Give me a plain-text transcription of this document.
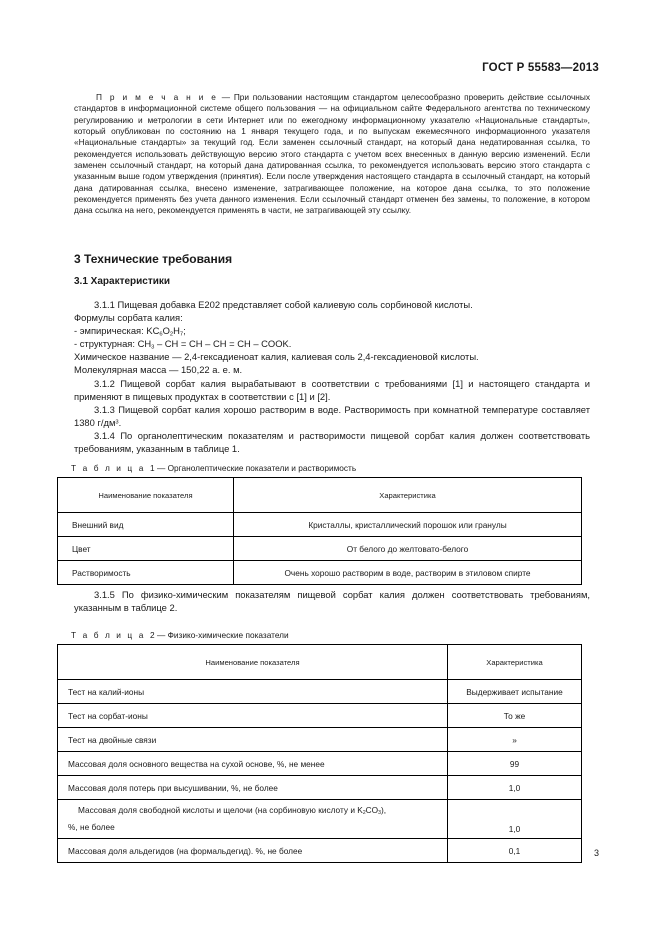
ГОСТ Р 55583—2013

П р и м е ч а н и е — При пользовании настоящим стандартом целесообразно проверить действие ссылочных стандартов в информационной системе общего пользования — на официальном сайте Федерального агентства по техническому регулированию и метрологии в сети Интернет или по ежегодному информационному указателю «Национальные стандарты», который опубликован по состоянию на 1 января текущего года, и по выпускам ежемесячного информационного указателя «Национальные стандарты» за текущий год. Если заменен ссылочный стандарт, на который дана недатированная ссылка, то рекомендуется использовать действующую версию этого стандарта с учетом всех внесенных в данную версию изменений. Если заменен ссылочный стандарт, на который дана датированная ссылка, то рекомендуется использовать версию этого стандарта с указанным выше годом утверждения (принятия). Если после утверждения настоящего стандарта в ссылочный стандарт, на который дана датированная ссылка, внесено изменение, затрагивающее положение, на которое дана ссылка, то это положение рекомендуется применять без учета данного изменения. Если ссылочный стандарт отменен без замены, то положение, в котором дана ссылка на него, рекомендуется применять в части, не затрагивающей эту ссылку.

3 Технические требования
3.1 Характеристики

3.1.1 Пищевая добавка E202 представляет собой калиевую соль сорбиновой кислоты.

Формулы сорбата калия:

- эмпирическая: $KC_6O_2H_7$;

- структурная: $CH_3$ – CH = CH – CH = CH – COOK.

Химическое название — 2,4-гексадиеноат калия, калиевая соль 2,4-гексадиеновой кислоты.

Молекулярная масса — 150,22 а. е. м.

3.1.2 Пищевой сорбат калия вырабатывают в соответствии с требованиями [1] и настоящего стандарта и применяют в пищевых продуктах в соответствии с [1] и [2].

3.1.3 Пищевой сорбат калия хорошо растворим в воде. Растворимость при комнатной температуре составляет 1380 $г/дм^3$.

3.1.4 По органолептическим показателям и растворимости пищевой сорбат калия должен соответствовать требованиям, указанным в таблице 1.

Т а б л и ц а 1 — Органолептические показатели и растворимость
Наименование показателя	Характеристика
Внешний вид	Кристаллы, кристаллический порошок или гранулы
Цвет	От белого до желтовато-белого
Растворимость	Очень хорошо растворим в воде, растворим в этиловом спирте

3.1.5 По физико-химическим показателям пищевой сорбат калия должен соответствовать требованиям, указанным в таблице 2.

Т а б л и ц а 2 — Физико-химические показатели
Наименование показателя	Характеристика
Тест на калий-ионы	Выдерживает испытание
Тест на сорбат-ионы	То же
Тест на двойные связи	»
Массовая доля основного вещества на сухой основе, %, не менее	99
Массовая доля потерь при высушивании, %, не более	1,0
Массовая доля свободной кислоты и щелочи (на сорбиновую кислоту и $K_2CO_3$),
%, не более	1,0
Массовая доля альдегидов (на формальдегид). %, не более	0,1	3
